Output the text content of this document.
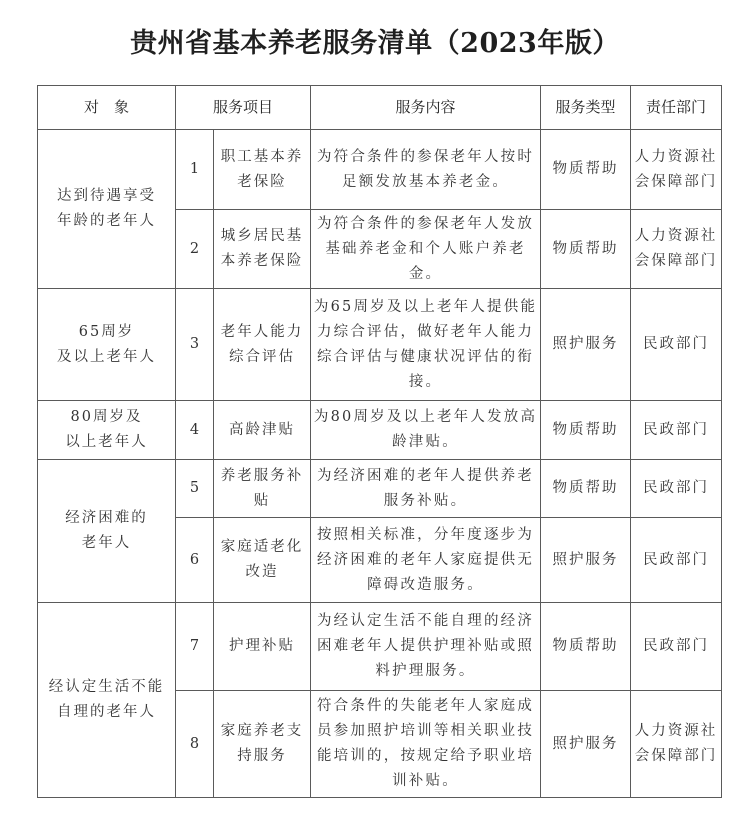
贵州省基本养老服务清单（2023年版）
对　象	服务项目		服务内容	服务类型	责任部门

达到待遇享受
年龄的老年人	1	职工基本养老保险	为符合条件的参保老年人按时足额发放基本养老金。	物质帮助	人力资源社会保障部门
	2	城乡居民基本养老保险	为符合条件的参保老年人发放基础养老金和个人账户养老金。	物质帮助	人力资源社会保障部门

65周岁
及以上老年人	3	老年人能力综合评估	为65周岁及以上老年人提供能力综合评估，做好老年人能力综合评估与健康状况评估的衔接。	照护服务	民政部门

80周岁及
以上老年人	4	高龄津贴	为80周岁及以上老年人发放高龄津贴。	物质帮助	民政部门

经济困难的
老年人	5	养老服务补贴	为经济困难的老年人提供养老服务补贴。	物质帮助	民政部门
	6	家庭适老化改造	按照相关标准，分年度逐步为经济困难的老年人家庭提供无障碍改造服务。	照护服务	民政部门

经认定生活不能
自理的老年人	7	护理补贴	为经认定生活不能自理的经济困难老年人提供护理补贴或照料护理服务。	物质帮助	民政部门
	8	家庭养老支持服务	符合条件的失能老年人家庭成员参加照护培训等相关职业技能培训的，按规定给予职业培训补贴。	照护服务	人力资源社会保障部门
